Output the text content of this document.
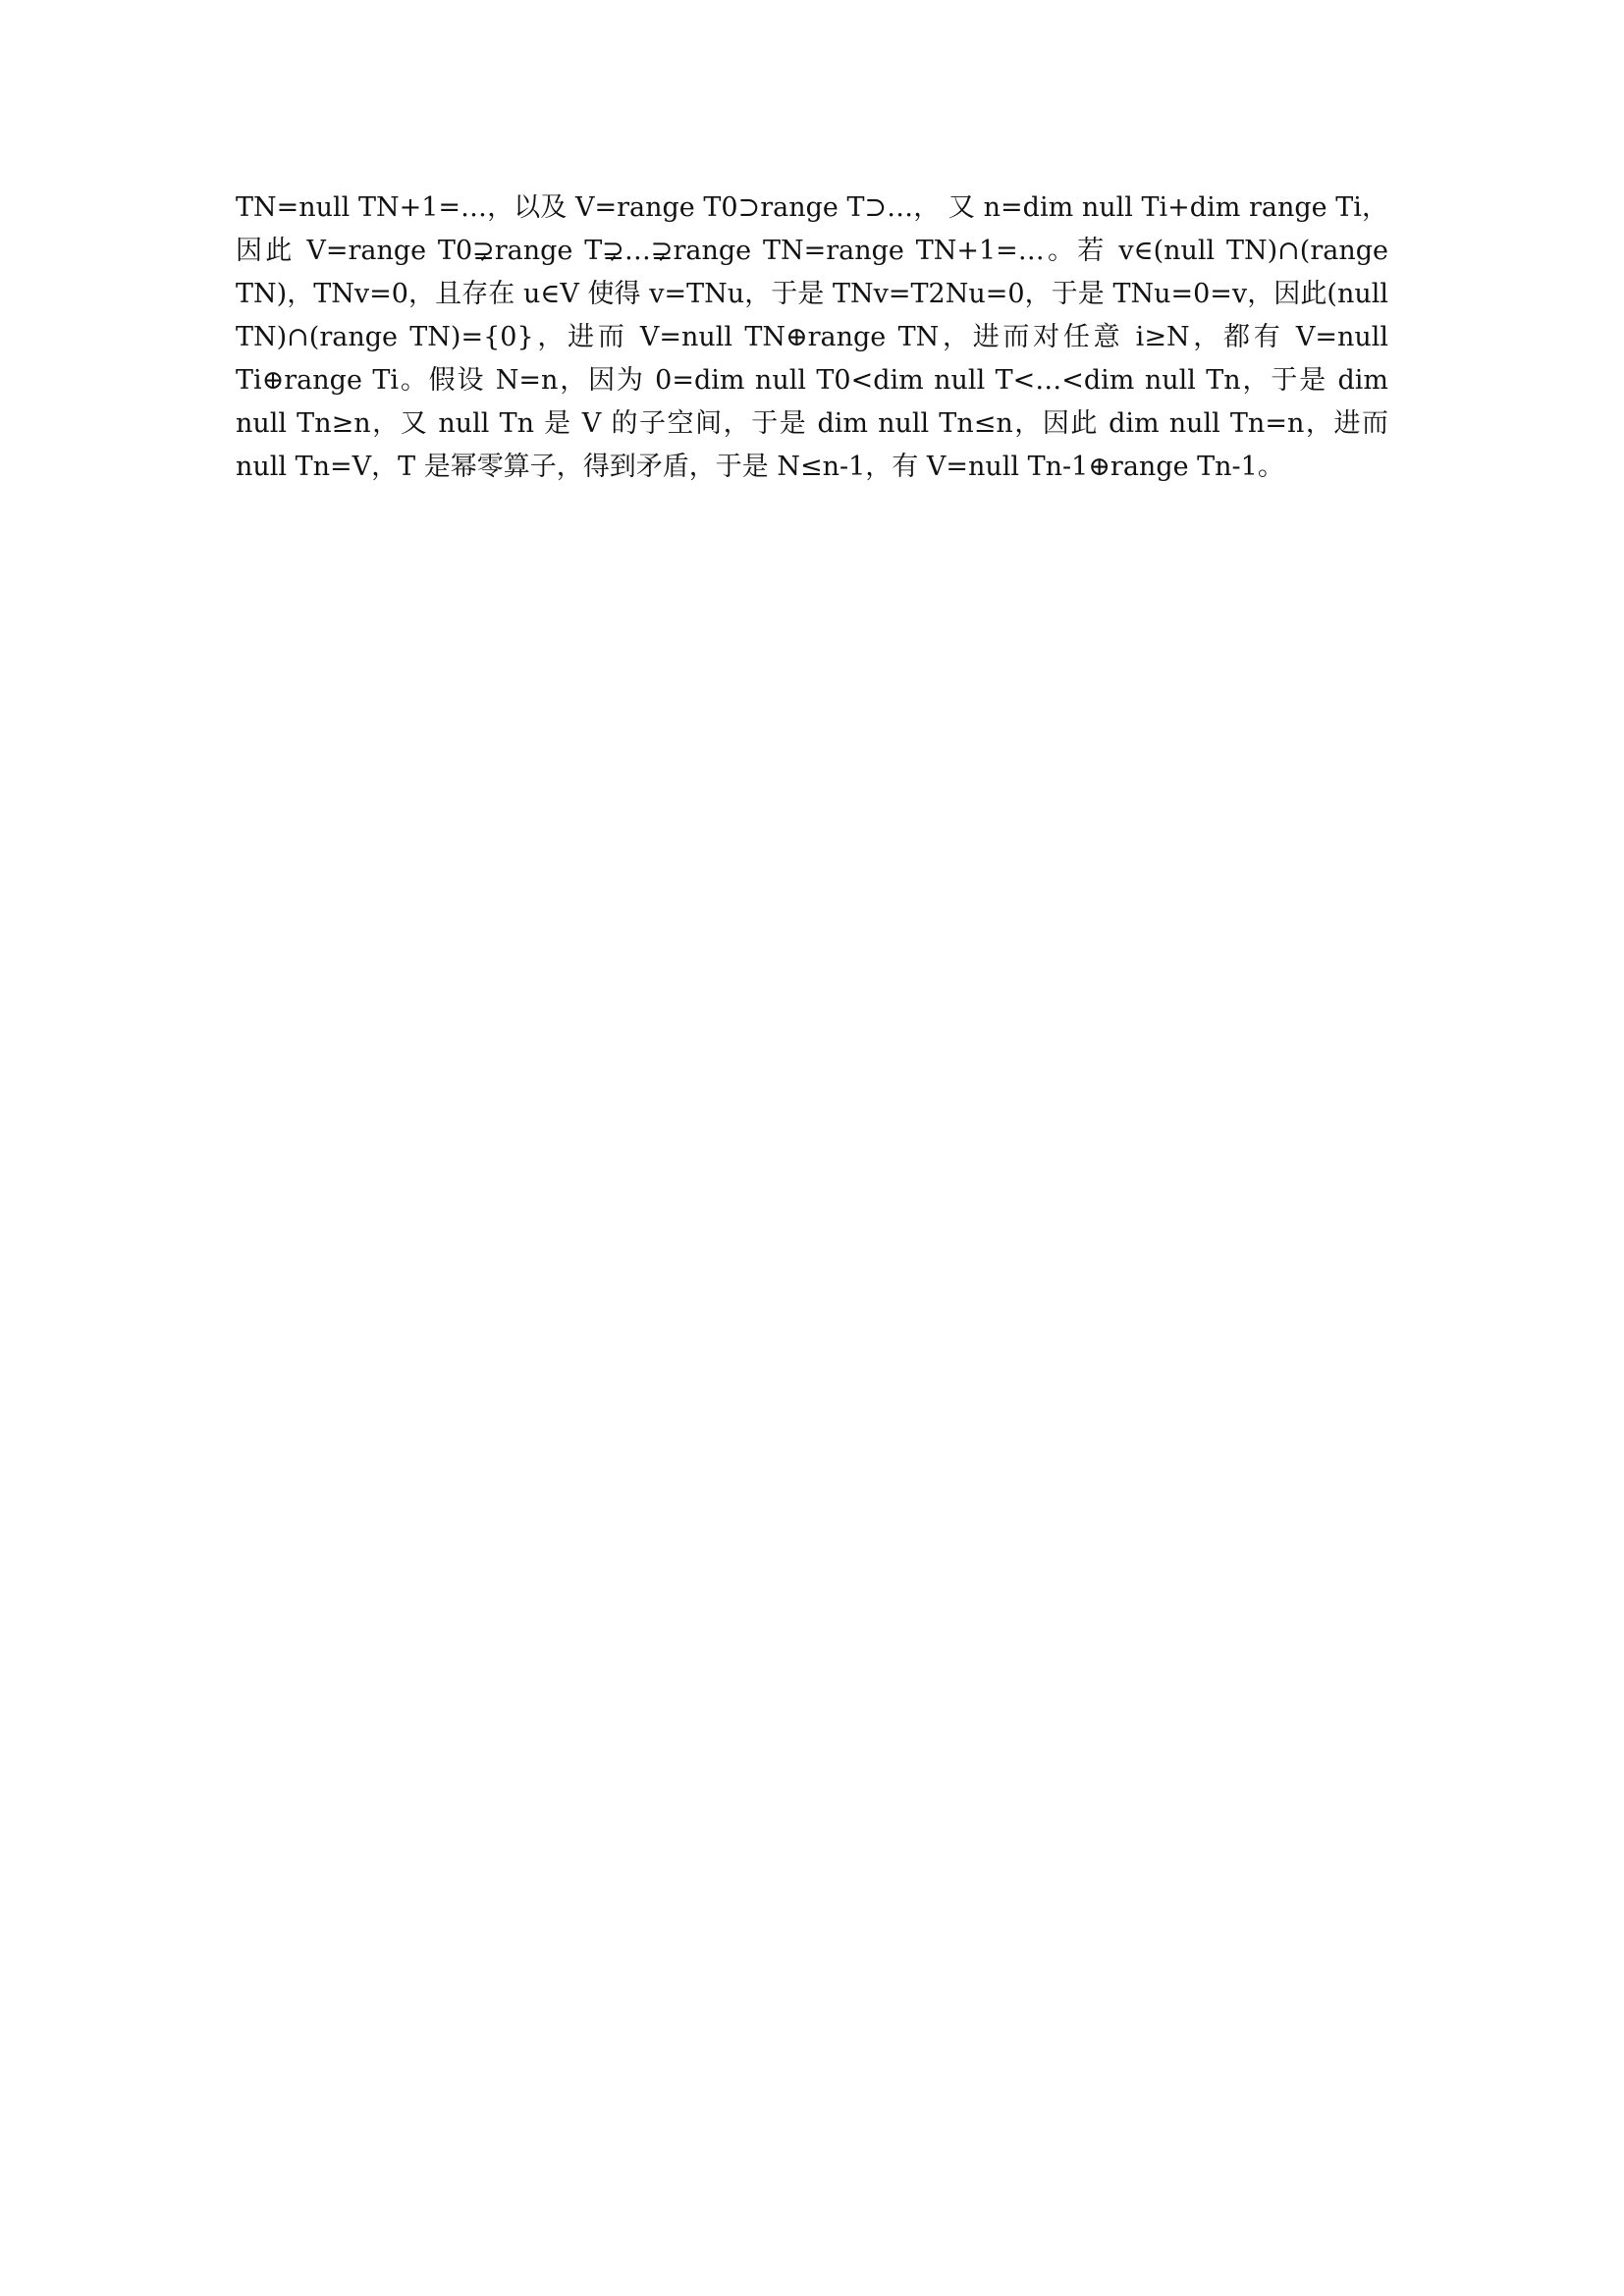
TN=null TN+1=…，以及 V=range T0⊃range T⊃…， 又 n=dim null Ti+dim range Ti，因此 V=range T0⊋range T⊋…⊋range TN=range TN+1=…。若 v∈(null TN)∩(range TN)，TNv=0，且存在 u∈V 使得 v=TNu，于是 TNv=T2Nu=0，于是 TNu=0=v，因此(null TN)∩(range TN)={0}，进而 V=null TN⊕range TN，进而对任意 i≥N，都有 V=null Ti⊕range Ti。假设 N=n，因为 0=dim null T0<dim null T<…<dim null Tn，于是 dim null Tn≥n，又 null Tn 是 V 的子空间，于是 dim null Tn≤n，因此 dim null Tn=n，进而 null Tn=V，T 是幂零算子，得到矛盾，于是 N≤n-1，有 V=null Tn-1⊕range Tn-1。
